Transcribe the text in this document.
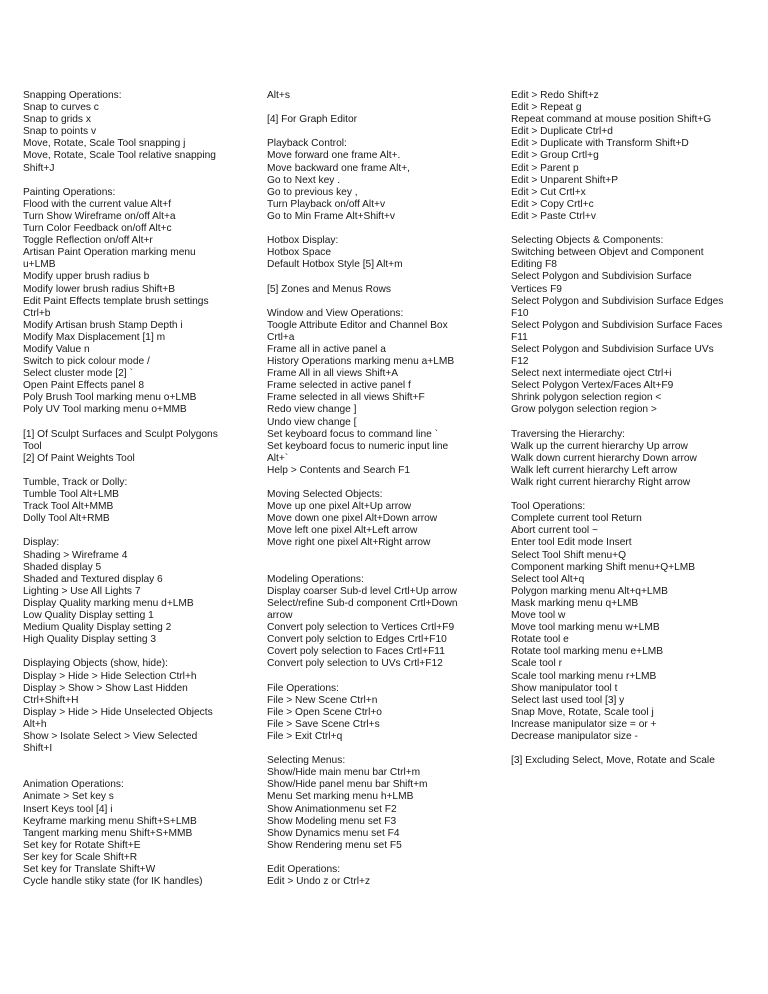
Snapping Operations:
Snap to curves c
Snap to grids x
Snap to points v
Move, Rotate, Scale Tool snapping j
Move, Rotate, Scale Tool relative snapping
Shift+J
Painting Operations:
Flood with the current value Alt+f
Turn Show Wireframe on/off Alt+a
Turn Color Feedback on/off Alt+c
Toggle Reflection on/off Alt+r
Artisan Paint Operation marking menu
u+LMB
Modify upper brush radius b
Modify lower brush radius Shift+B
Edit Paint Effects template brush settings
Ctrl+b
Modify Artisan brush Stamp Depth i
Modify Max Displacement [1] m
Modify Value n
Switch to pick colour mode /
Select cluster mode [2] `
Open Paint Effects panel 8
Poly Brush Tool marking menu o+LMB
Poly UV Tool marking menu o+MMB
[1] Of Sculpt Surfaces and Sculpt Polygons
Tool
[2] Of Paint Weights Tool
Tumble, Track or Dolly:
Tumble Tool Alt+LMB
Track Tool Alt+MMB
Dolly Tool Alt+RMB
Display:
Shading > Wireframe 4
Shaded display 5
Shaded and Textured display 6
Lighting > Use All Lights 7
Display Quality marking menu d+LMB
Low Quality Display setting 1
Medium Quality Display setting 2
High Quality Display setting 3
Displaying Objects (show, hide):
Display > Hide > Hide Selection Ctrl+h
Display > Show > Show Last Hidden
Ctrl+Shift+H
Display > Hide > Hide Unselected Objects
Alt+h
Show > Isolate Select > View Selected
Shift+I
Animation Operations:
Animate > Set key s
Insert Keys tool [4] i
Keyframe marking menu Shift+S+LMB
Tangent marking menu Shift+S+MMB
Set key for Rotate Shift+E
Ser key for Scale Shift+R
Set key for Translate Shift+W
Cycle handle stiky state (for IK handles)
Alt+s
[4] For Graph Editor
Playback Control:
Move forward one frame Alt+.
Move backward one frame Alt+,
Go to Next key .
Go to previous key ,
Turn Playback on/off Alt+v
Go to Min Frame Alt+Shift+v
Hotbox Display:
Hotbox Space
Default Hotbox Style [5] Alt+m
[5] Zones and Menus Rows
Window and View Operations:
Toogle Attribute Editor and Channel Box
Crtl+a
Frame all in active panel a
History Operations marking menu a+LMB
Frame All in all views Shift+A
Frame selected in active panel f
Frame selected in all views Shift+F
Redo view change ]
Undo view change [
Set keyboard focus to command line `
Set keyboard focus to numeric input line
Alt+`
Help > Contents and Search F1
Moving Selected Objects:
Move up one pixel Alt+Up arrow
Move down one pixel Alt+Down arrow
Move left one pixel Alt+Left arrow
Move right one pixel Alt+Right arrow
Modeling Operations:
Display coarser Sub-d level Crtl+Up arrow
Select/refine Sub-d component Crtl+Down
arrow
Convert poly selection to Vertices Crtl+F9
Convert poly selction to Edges Crtl+F10
Covert poly selection to Faces Crtl+F11
Convert poly selection to UVs Crtl+F12
File Operations:
File > New Scene Ctrl+n
File > Open Scene Ctrl+o
File > Save Scene Ctrl+s
File > Exit Ctrl+q
Selecting Menus:
Show/Hide main menu bar Ctrl+m
Show/Hide panel menu bar Shift+m
Menu Set marking menu h+LMB
Show Animationmenu set F2
Show Modeling menu set F3
Show Dynamics menu set F4
Show Rendering menu set F5
Edit Operations:
Edit > Undo z or Ctrl+z
Edit > Redo Shift+z
Edit > Repeat g
Repeat command at mouse position Shift+G
Edit > Duplicate Ctrl+d
Edit > Duplicate with Transform Shift+D
Edit > Group Crtl+g
Edit > Parent p
Edit > Unparent Shift+P
Edit > Cut Crtl+x
Edit > Copy Crtl+c
Edit > Paste Ctrl+v
Selecting Objects & Components:
Switching between Objevt and Component
Editing F8
Select Polygon and Subdivision Surface
Vertices F9
Select Polygon and Subdivision Surface Edges
F10
Select Polygon and Subdivision Surface Faces
F11
Select Polygon and Subdivision Surface UVs
F12
Select next intermediate oject Ctrl+i
Select Polygon Vertex/Faces Alt+F9
Shrink polygon selection region <
Grow polygon selection region >
Traversing the Hierarchy:
Walk up the current hierarchy Up arrow
Walk down current hierarchy Down arrow
Walk left current hierarchy Left arrow
Walk right current hierarchy Right arrow
Tool Operations:
Complete current tool Return
Abort current tool ~
Enter tool Edit mode Insert
Select Tool Shift menu+Q
Component marking Shift menu+Q+LMB
Select tool Alt+q
Polygon marking menu Alt+q+LMB
Mask marking menu q+LMB
Move tool w
Move tool marking menu w+LMB
Rotate tool e
Rotate tool marking menu e+LMB
Scale tool r
Scale tool marking menu r+LMB
Show manipulator tool t
Select last used tool [3] y
Snap Move, Rotate, Scale tool j
Increase manipulator size = or +
Decrease manipulator size -
[3] Excluding Select, Move, Rotate and Scale
